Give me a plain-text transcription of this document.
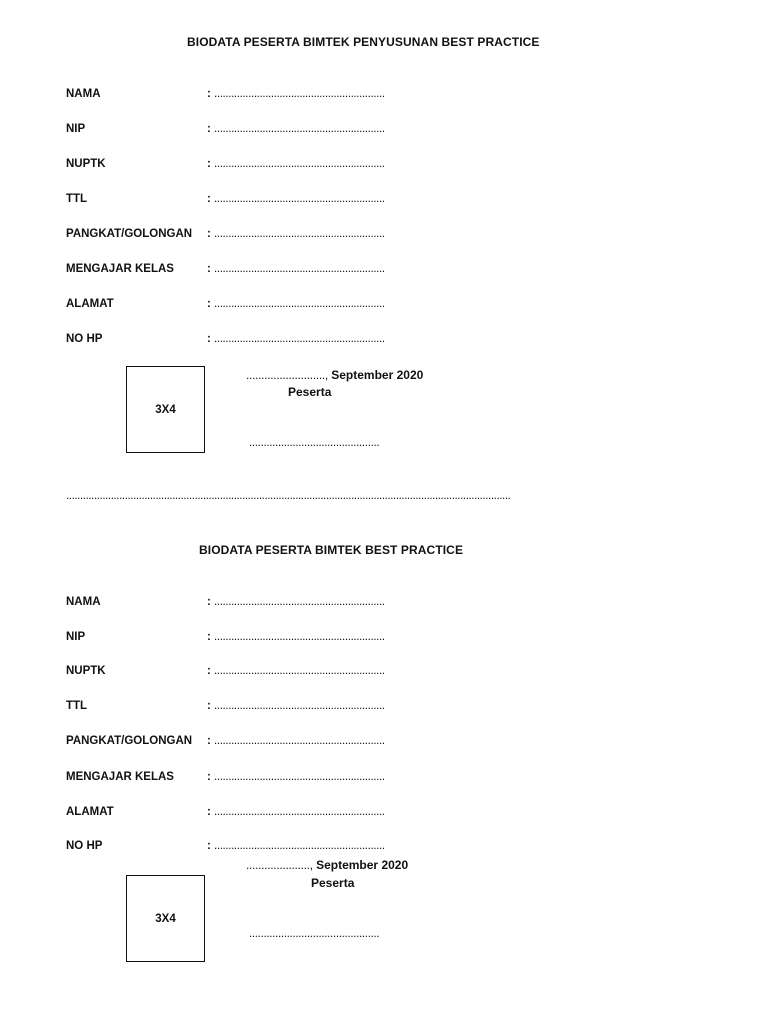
BIODATA PESERTA BIMTEK PENYUSUNAN BEST PRACTICE
NAMA	: ............................................................
NIP	: ............................................................
NUPTK	: ............................................................
TTL	: ............................................................
PANGKAT/GOLONGAN : ............................................................
MENGAJAR KELAS	: ............................................................
ALAMAT	: ............................................................
NO HP	: ............................................................
3X4
.........................., September 2020
Peserta
.............................................
...............................................................................................................................................................
BIODATA PESERTA BIMTEK BEST PRACTICE
NAMA	: ............................................................
NIP	: ............................................................
NUPTK	: ............................................................
TTL	: ............................................................
PANGKAT/GOLONGAN : ............................................................
MENGAJAR KELAS	: ............................................................
ALAMAT	: ............................................................
NO HP	: ............................................................
....................., September 2020
Peserta
3X4
.............................................
